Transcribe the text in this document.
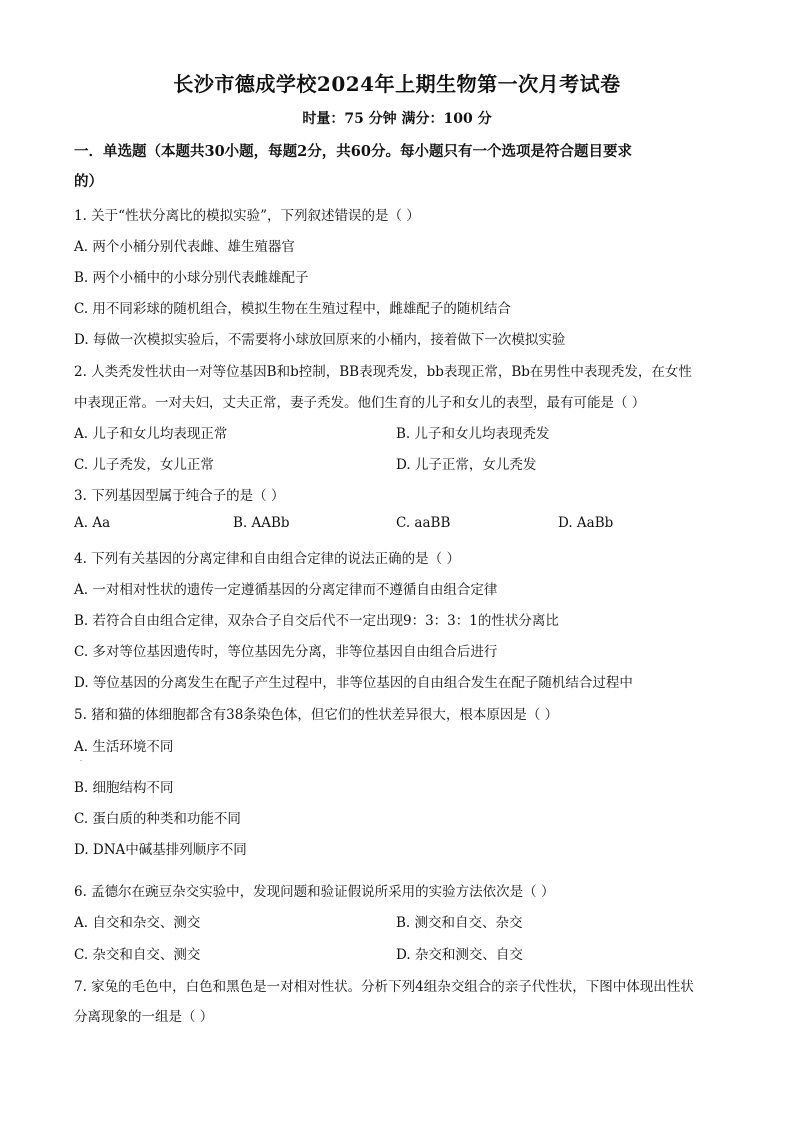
长沙市德成学校2024年上期生物第一次月考试卷
时量：75 分钟 满分：100 分
一．单选题（本题共30小题，每题2分，共60分。每小题只有一个选项是符合题目要求
的）
1. 关于“性状分离比的模拟实验”，下列叙述错误的是（ ）
A. 两个小桶分别代表雌、雄生殖器官
B. 两个小桶中的小球分别代表雌雄配子
C. 用不同彩球的随机组合，模拟生物在生殖过程中，雌雄配子的随机结合
D. 每做一次模拟实验后，不需要将小球放回原来的小桶内，接着做下一次模拟实验
2. 人类秃发性状由一对等位基因B和b控制，BB表现秃发，bb表现正常，Bb在男性中表现秃发，在女性
中表现正常。一对夫妇，丈夫正常，妻子秃发。他们生育的儿子和女儿的表型，最有可能是（ ）
A. 儿子和女儿均表现正常	B. 儿子和女儿均表现秃发
C. 儿子秃发，女儿正常	D. 儿子正常，女儿秃发
3. 下列基因型属于纯合子的是（ ）
A. Aa	B. AABb	C. aaBB	D. AaBb
4. 下列有关基因的分离定律和自由组合定律的说法正确的是（ ）
A. 一对相对性状的遗传一定遵循基因的分离定律而不遵循自由组合定律
B. 若符合自由组合定律，双杂合子自交后代不一定出现9：3：3：1的性状分离比
C. 多对等位基因遗传时，等位基因先分离，非等位基因自由组合后进行
D. 等位基因的分离发生在配子产生过程中，非等位基因的自由组合发生在配子随机结合过程中
5. 猪和猫的体细胞都含有38条染色体，但它们的性状差异很大，根本原因是（ ）
A. 生活环境不同
·
B. 细胞结构不同
C. 蛋白质的种类和功能不同
D. DNA中碱基排列顺序不同
6. 孟德尔在豌豆杂交实验中，发现问题和验证假说所采用的实验方法依次是（ ）
A. 自交和杂交、测交	B. 测交和自交、杂交
C. 杂交和自交、测交	D. 杂交和测交、自交
7. 家兔的毛色中，白色和黑色是一对相对性状。分析下列4组杂交组合的亲子代性状，下图中体现出性状
分离现象的一组是（ ）
